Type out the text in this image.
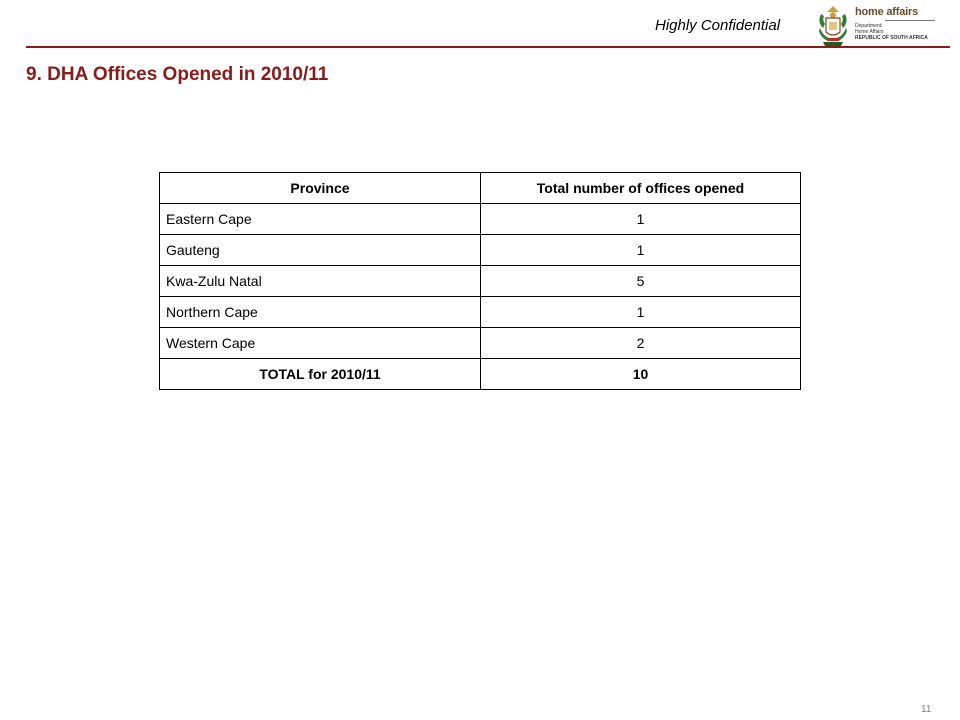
Highly Confidential
home affairs
Department:
Home Affairs
REPUBLIC OF SOUTH AFRICA
9. DHA Offices Opened in 2010/11
Province	Total number of offices opened
Eastern Cape	1
Gauteng	1
Kwa-Zulu Natal	5
Northern Cape	1
Western Cape	2
TOTAL for 2010/11	10
11
